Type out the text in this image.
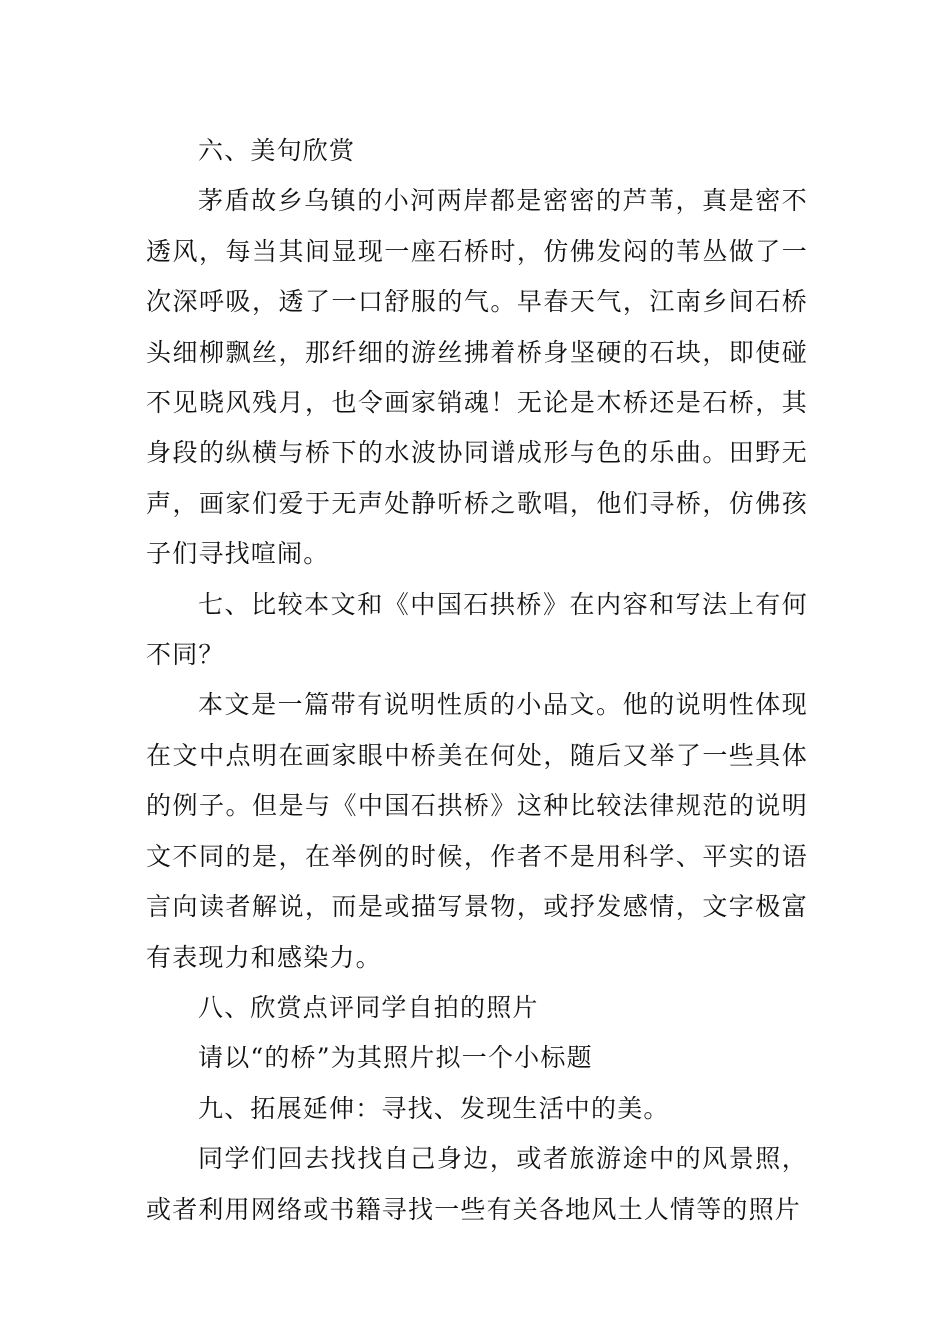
六、美句欣赏

茅盾故乡乌镇的小河两岸都是密密的芦苇，真是密不透风，每当其间显现一座石桥时，仿佛发闷的苇丛做了一次深呼吸，透了一口舒服的气。早春天气，江南乡间石桥头细柳飘丝，那纤细的游丝拂着桥身坚硬的石块，即使碰不见晓风残月，也令画家销魂！无论是木桥还是石桥，其身段的纵横与桥下的水波协同谱成形与色的乐曲。田野无声，画家们爱于无声处静听桥之歌唱，他们寻桥，仿佛孩子们寻找喧闹。

七、比较本文和《中国石拱桥》在内容和写法上有何不同？

本文是一篇带有说明性质的小品文。他的说明性体现在文中点明在画家眼中桥美在何处，随后又举了一些具体的例子。但是与《中国石拱桥》这种比较法律规范的说明文不同的是，在举例的时候，作者不是用科学、平实的语言向读者解说，而是或描写景物，或抒发感情，文字极富有表现力和感染力。

八、欣赏点评同学自拍的照片

请以“的桥”为其照片拟一个小标题

九、拓展延伸：寻找、发现生活中的美。

同学们回去找找自己身边，或者旅游途中的风景照，或者利用网络或书籍寻找一些有关各地风土人情等的照片
